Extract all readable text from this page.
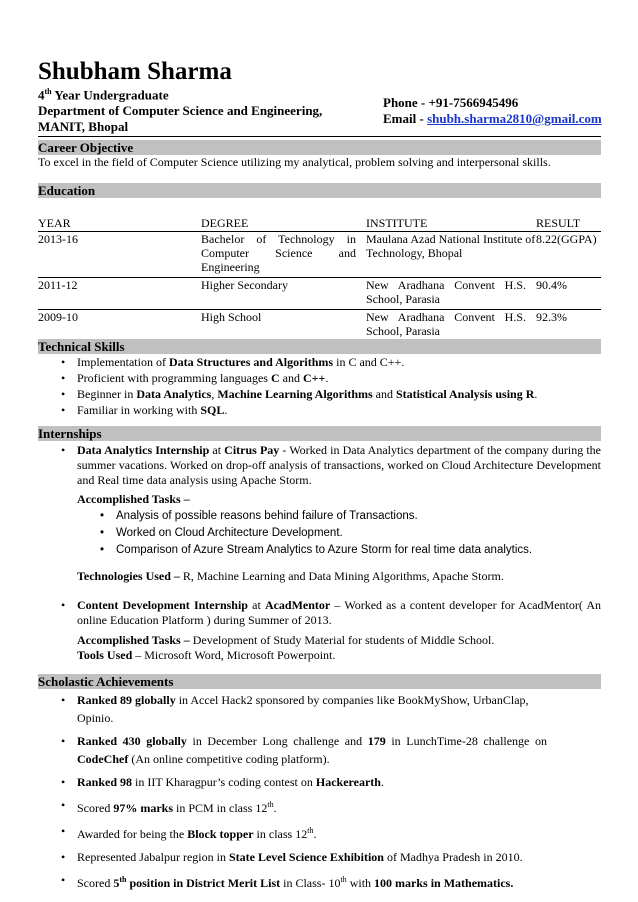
Shubham Sharma
4th Year Undergraduate
Department of Computer Science and Engineering,
MANIT, Bhopal
Phone - +91-7566945496
Email - shubh.sharma2810@gmail.com
Career Objective
To excel in the field of Computer Science utilizing my analytical, problem solving and interpersonal skills.
Education
YEAR	DEGREE	INSTITUTE	RESULT
2013-16	Bachelor of Technology in Computer Science and Engineering	Maulana Azad National Institute of Technology, Bhopal	8.22(GGPA)
2011-12	Higher Secondary	New Aradhana Convent H.S. School, Parasia	90.4%
2009-10	High School	New Aradhana Convent H.S. School, Parasia	92.3%
Technical Skills
• Implementation of Data Structures and Algorithms in C and C++.
• Proficient with programming languages C and C++.
• Beginner in Data Analytics, Machine Learning Algorithms and Statistical Analysis using R.
• Familiar in working with SQL.
Internships
• Data Analytics Internship at Citrus Pay - Worked in Data Analytics department of the company during the summer vacations. Worked on drop-off analysis of transactions, worked on Cloud Architecture Development and Real time data analysis using Apache Storm.
Accomplished Tasks –
• Analysis of possible reasons behind failure of Transactions.
• Worked on Cloud Architecture Development.
• Comparison of Azure Stream Analytics to Azure Storm for real time data analytics.
Technologies Used – R, Machine Learning and Data Mining Algorithms, Apache Storm.
• Content Development Internship at AcadMentor – Worked as a content developer for AcadMentor( An online Education Platform ) during Summer of 2013.
Accomplished Tasks – Development of Study Material for students of Middle School.
Tools Used – Microsoft Word, Microsoft Powerpoint.
Scholastic Achievements
• Ranked 89 globally in Accel Hack2 sponsored by companies like BookMyShow, UrbanClap, Opinio.
• Ranked 430 globally in December Long challenge and 179 in LunchTime-28 challenge on CodeChef (An online competitive coding platform).
• Ranked 98 in IIT Kharagpur’s coding contest on Hackerearth.
• Scored 97% marks in PCM in class 12th.
• Awarded for being the Block topper in class 12th.
• Represented Jabalpur region in State Level Science Exhibition of Madhya Pradesh in 2010.
• Scored 5th position in District Merit List in Class- 10th with 100 marks in Mathematics.
